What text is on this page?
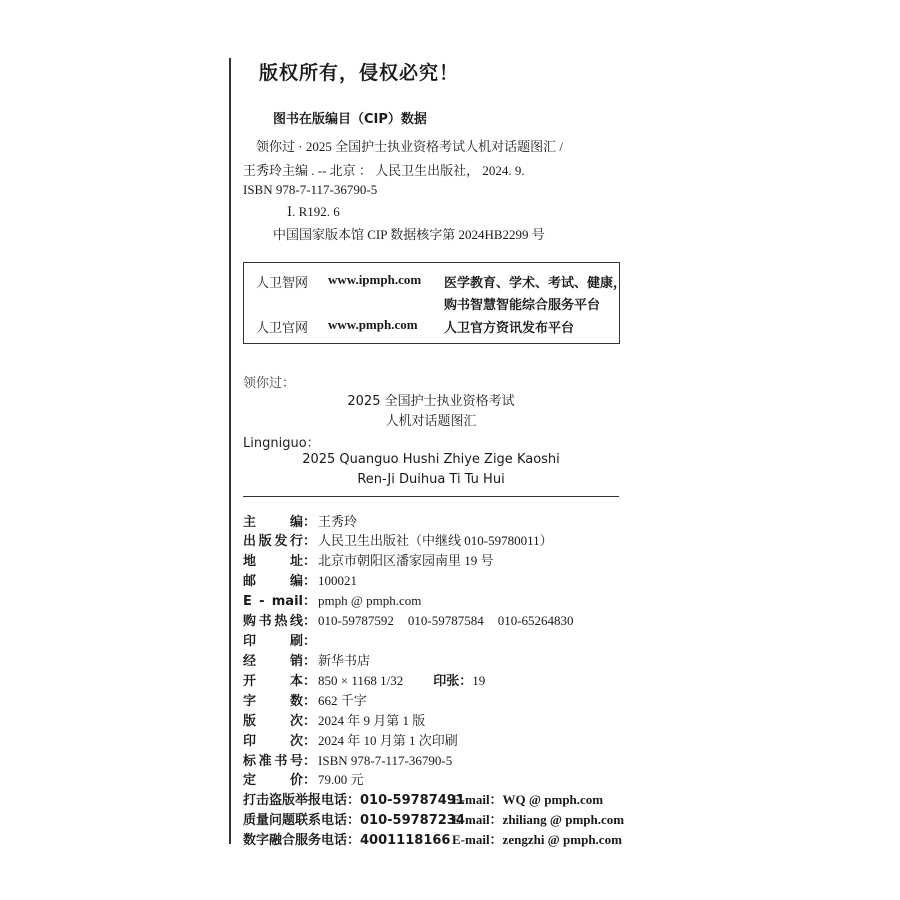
版权所有，侵权必究！
图书在版编目（CIP）数据
领你过 · 2025 全国护士执业资格考试人机对话题图汇 /
王秀玲主编 . -- 北京 ： 人民卫生出版社， 2024. 9.
ISBN 978-7-117-36790-5
Ⅰ. R192. 6
中国国家版本馆 CIP 数据核字第 2024HB2299 号
人卫智网 www.ipmph.com 医学教育、学术、考试、健康，
购书智慧智能综合服务平台
人卫官网 www.pmph.com 人卫官方资讯发布平台
领你过：
2025 全国护士执业资格考试
人机对话题图汇
Lingniguo：
2025 Quanguo Hushi Zhiye Zige Kaoshi
Ren-Ji Duihua Ti Tu Hui
主　　编： 王秀玲
出版发行： 人民卫生出版社（中继线 010-59780011）
地　　址： 北京市朝阳区潘家园南里 19 号
邮　　编： 100021
E - mail： pmph @ pmph.com
购书热线： 010-59787592 010-59787584 010-65264830
印　　刷：
经　　销： 新华书店
开　　本： 850 × 1168 1/32 印张：19
字　　数： 662 千字
版　　次： 2024 年 9 月第 1 版
印　　次： 2024 年 10 月第 1 次印刷
标准书号： ISBN 978-7-117-36790-5
定　　价： 79.00 元
打击盗版举报电话：010-59787491
E-mail：WQ @ pmph.com
质量问题联系电话：010-59787234
E-mail：zhiliang @ pmph.com
数字融合服务电话：4001118166 E-mail：zengzhi @ pmph.com
